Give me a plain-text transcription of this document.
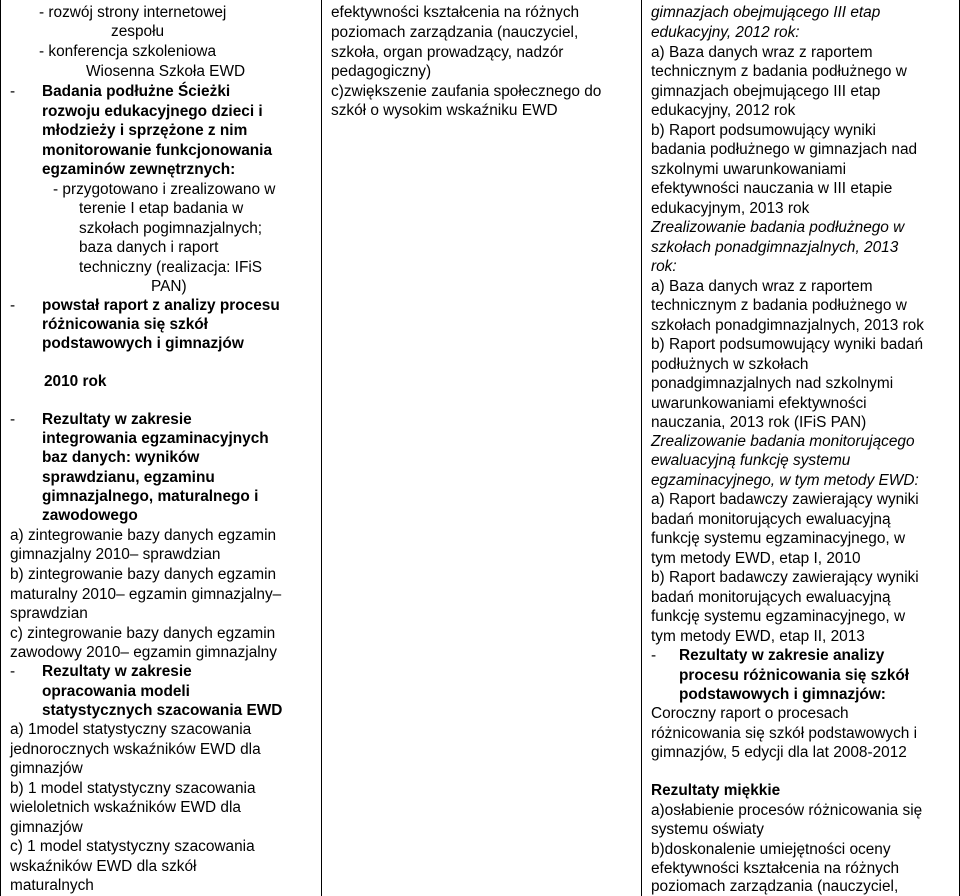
- rozwój strony internetowej
zespołu
- konferencja szkoleniowa
Wiosenna Szkoła EWD
- Badania podłużne Ścieżki
rozwoju edukacyjnego dzieci i
młodzieży i sprzężone z nim
monitorowanie funkcjonowania
egzaminów zewnętrznych:
- przygotowano i zrealizowano w
terenie I etap badania w
szkołach pogimnazjalnych;
baza danych i raport
techniczny (realizacja: IFiS
PAN)
- powstał raport z analizy procesu
różnicowania się szkół
podstawowych i gimnazjów
2010 rok
- Rezultaty w zakresie
integrowania egzaminacyjnych
baz danych: wyników
sprawdzianu, egzaminu
gimnazjalnego, maturalnego i
zawodowego
a) zintegrowanie bazy danych egzamin
gimnazjalny 2010– sprawdzian
b) zintegrowanie bazy danych egzamin
maturalny 2010– egzamin gimnazjalny–
sprawdzian
c) zintegrowanie bazy danych egzamin
zawodowy 2010– egzamin gimnazjalny
- Rezultaty w zakresie
opracowania modeli
statystycznych szacowania EWD
a) 1model statystyczny szacowania
jednorocznych wskaźników EWD dla
gimnazjów
b) 1 model statystyczny szacowania
wieloletnich wskaźników EWD dla
gimnazjów
c) 1 model statystyczny szacowania
wskaźników EWD dla szkół
maturalnych
efektywności kształcenia na różnych
poziomach zarządzania (nauczyciel,
szkoła, organ prowadzący, nadzór
pedagogiczny)
c)zwiększenie zaufania społecznego do
szkół o wysokim wskaźniku EWD
gimnazjach obejmującego III etap
edukacyjny, 2012 rok:
a) Baza danych wraz z raportem
technicznym z badania podłużnego w
gimnazjach obejmującego III etap
edukacyjny, 2012 rok
b) Raport podsumowujący wyniki
badania podłużnego w gimnazjach nad
szkolnymi uwarunkowaniami
efektywności nauczania w III etapie
edukacyjnym, 2013 rok
Zrealizowanie badania podłużnego w
szkołach ponadgimnazjalnych, 2013
rok:
a) Baza danych wraz z raportem
technicznym z badania podłużnego w
szkołach ponadgimnazjalnych, 2013 rok
b) Raport podsumowujący wyniki badań
podłużnych w szkołach
ponadgimnazjalnych nad szkolnymi
uwarunkowaniami efektywności
nauczania, 2013 rok (IFiS PAN)
Zrealizowanie badania monitorującego
ewaluacyjną funkcję systemu
egzaminacyjnego, w tym metody EWD:
a) Raport badawczy zawierający wyniki
badań monitorujących ewaluacyjną
funkcję systemu egzaminacyjnego, w
tym metody EWD, etap I, 2010
b) Raport badawczy zawierający wyniki
badań monitorujących ewaluacyjną
funkcję systemu egzaminacyjnego, w
tym metody EWD, etap II, 2013
- Rezultaty w zakresie analizy
procesu różnicowania się szkół
podstawowych i gimnazjów:
Coroczny raport o procesach
różnicowania się szkół podstawowych i
gimnazjów, 5 edycji dla lat 2008-2012
Rezultaty miękkie
a)osłabienie procesów różnicowania się
systemu oświaty
b)doskonalenie umiejętności oceny
efektywności kształcenia na różnych
poziomach zarządzania (nauczyciel,
